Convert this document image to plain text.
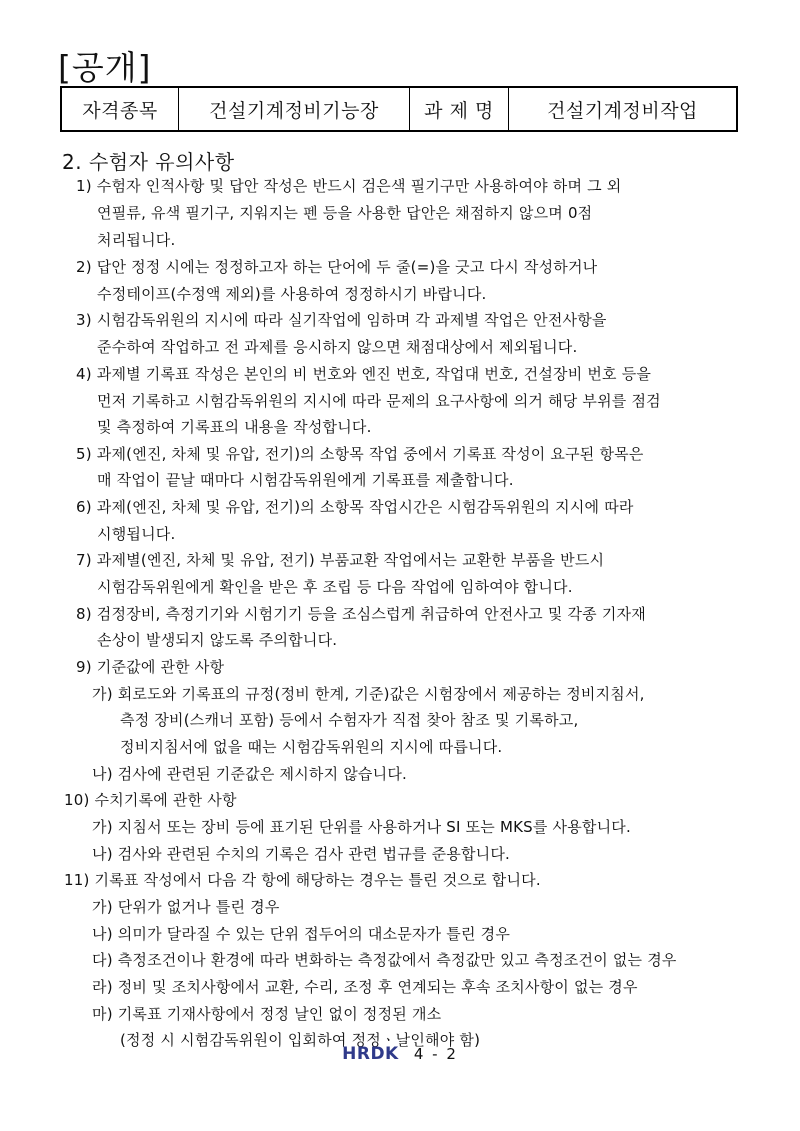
[공개]
자격종목	건설기계정비기능장	과 제 명	건설기계정비작업
2. 수험자 유의사항
1) 수험자 인적사항 및 답안 작성은 반드시 검은색 필기구만 사용하여야 하며 그 외
연필류, 유색 필기구, 지워지는 펜 등을 사용한 답안은 채점하지 않으며 0점
처리됩니다.
2) 답안 정정 시에는 정정하고자 하는 단어에 두 줄(=)을 긋고 다시 작성하거나
수정테이프(수정액 제외)를 사용하여 정정하시기 바랍니다.
3) 시험감독위원의 지시에 따라 실기작업에 임하며 각 과제별 작업은 안전사항을
준수하여 작업하고 전 과제를 응시하지 않으면 채점대상에서 제외됩니다.
4) 과제별 기록표 작성은 본인의 비 번호와 엔진 번호, 작업대 번호, 건설장비 번호 등을
먼저 기록하고 시험감독위원의 지시에 따라 문제의 요구사항에 의거 해당 부위를 점검
및 측정하여 기록표의 내용을 작성합니다.
5) 과제(엔진, 차체 및 유압, 전기)의 소항목 작업 중에서 기록표 작성이 요구된 항목은
매 작업이 끝날 때마다 시험감독위원에게 기록표를 제출합니다.
6) 과제(엔진, 차체 및 유압, 전기)의 소항목 작업시간은 시험감독위원의 지시에 따라
시행됩니다.
7) 과제별(엔진, 차체 및 유압, 전기) 부품교환 작업에서는 교환한 부품을 반드시
시험감독위원에게 확인을 받은 후 조립 등 다음 작업에 임하여야 합니다.
8) 검정장비, 측정기기와 시험기기 등을 조심스럽게 취급하여 안전사고 및 각종 기자재
손상이 발생되지 않도록 주의합니다.
9) 기준값에 관한 사항
가) 회로도와 기록표의 규정(정비 한계, 기준)값은 시험장에서 제공하는 정비지침서,
측정 장비(스캐너 포함) 등에서 수험자가 직접 찾아 참조 및 기록하고,
정비지침서에 없을 때는 시험감독위원의 지시에 따릅니다.
나) 검사에 관련된 기준값은 제시하지 않습니다.
10) 수치기록에 관한 사항
가) 지침서 또는 장비 등에 표기된 단위를 사용하거나 SI 또는 MKS를 사용합니다.
나) 검사와 관련된 수치의 기록은 검사 관련 법규를 준용합니다.
11) 기록표 작성에서 다음 각 항에 해당하는 경우는 틀린 것으로 합니다.
가) 단위가 없거나 틀린 경우
나) 의미가 달라질 수 있는 단위 접두어의 대소문자가 틀린 경우
다) 측정조건이나 환경에 따라 변화하는 측정값에서 측정값만 있고 측정조건이 없는 경우
라) 정비 및 조치사항에서 교환, 수리, 조정 후 연계되는 후속 조치사항이 없는 경우
마) 기록표 기재사항에서 정정 날인 없이 정정된 개소
(정정 시 시험감독위원이 입회하여 정정ㆍ날인해야 함)
HRDK 4 - 2
